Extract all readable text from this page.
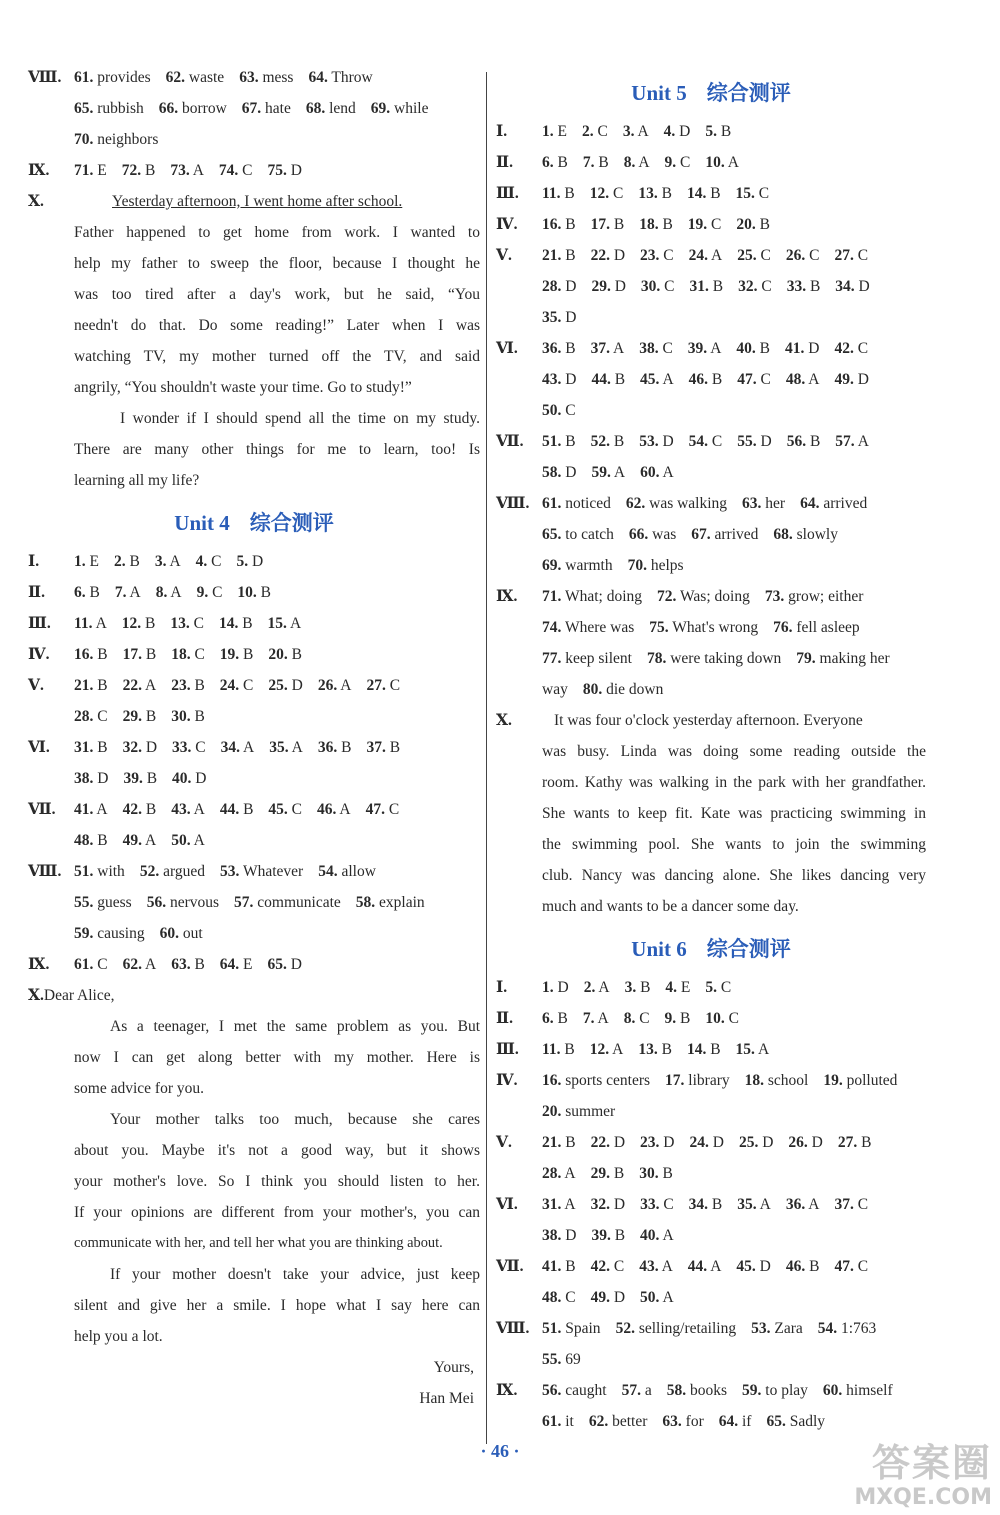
Ⅷ. 61. provides 62. waste 63. mess 64. Throw
65. rubbish 66. borrow 67. hate 68. lend 69. while
70. neighbors
Ⅸ. 71. E 72. B 73. A 74. C 75. D
Ⅹ.	Yesterday afternoon, I went home after school.
Father happened to get home from work. I wanted to
help my father to sweep the floor, because I thought he
was too tired after a day's work, but he said, “You
needn't do that. Do some reading!” Later when I was
watching TV, my mother turned off the TV, and said
angrily, “You shouldn't waste your time. Go to study!”
I wonder if I should spend all the time on my study.
There are many other things for me to learn, too! Is
learning all my life?
Unit 4 综合测评
Ⅰ. 1. E 2. B 3. A 4. C 5. D
Ⅱ. 6. B 7. A 8. A 9. C 10. B
Ⅲ. 11. A 12. B 13. C 14. B 15. A
Ⅳ. 16. B 17. B 18. C 19. B 20. B
Ⅴ. 21. B 22. A 23. B 24. C 25. D 26. A 27. C
28. C 29. B 30. B
Ⅵ. 31. B 32. D 33. C 34. A 35. A 36. B 37. B
38. D 39. B 40. D
Ⅶ. 41. A 42. B 43. A 44. B 45. C 46. A 47. C
48. B 49. A 50. A
Ⅷ. 51. with 52. argued 53. Whatever 54. allow
55. guess 56. nervous 57. communicate 58. explain
59. causing 60. out
Ⅸ. 61. C 62. A 63. B 64. E 65. D
Ⅹ.Dear Alice,
As a teenager, I met the same problem as you. But
now I can get along better with my mother. Here is
some advice for you.
Your mother talks too much, because she cares
about you. Maybe it's not a good way, but it shows
your mother's love. So I think you should listen to her.
If your opinions are different from your mother's, you can
communicate with her, and tell her what you are thinking about.
If your mother doesn't take your advice, just keep
silent and give her a smile. I hope what I say here can
help you a lot.
Yours,
Han Mei
Unit 5 综合测评
Ⅰ. 1. E 2. C 3. A 4. D 5. B
Ⅱ. 6. B 7. B 8. A 9. C 10. A
Ⅲ. 11. B 12. C 13. B 14. B 15. C
Ⅳ. 16. B 17. B 18. B 19. C 20. B
Ⅴ. 21. B 22. D 23. C 24. A 25. C 26. C 27. C
28. D 29. D 30. C 31. B 32. C 33. B 34. D
35. D
Ⅵ. 36. B 37. A 38. C 39. A 40. B 41. D 42. C
43. D 44. B 45. A 46. B 47. C 48. A 49. D
50. C
Ⅶ. 51. B 52. B 53. D 54. C 55. D 56. B 57. A
58. D 59. A 60. A
Ⅷ. 61. noticed 62. was walking 63. her 64. arrived
65. to catch 66. was 67. arrived 68. slowly
69. warmth 70. helps
Ⅸ. 71. What; doing 72. Was; doing 73. grow; either
74. Where was 75. What's wrong 76. fell asleep
77. keep silent 78. were taking down 79. making her
way 80. die down
Ⅹ.	It was four o'clock yesterday afternoon. Everyone
was busy. Linda was doing some reading outside the
room. Kathy was walking in the park with her grandfather.
She wants to keep fit. Kate was practicing swimming in
the swimming pool. She wants to join the swimming
club. Nancy was dancing alone. She likes dancing very
much and wants to be a dancer some day.
Unit 6 综合测评
Ⅰ. 1. D 2. A 3. B 4. E 5. C
Ⅱ. 6. B 7. A 8. C 9. B 10. C
Ⅲ. 11. B 12. A 13. B 14. B 15. A
Ⅳ. 16. sports centers 17. library 18. school 19. polluted
20. summer
Ⅴ. 21. B 22. D 23. D 24. D 25. D 26. D 27. B
28. A 29. B 30. B
Ⅵ. 31. A 32. D 33. C 34. B 35. A 36. A 37. C
38. D 39. B 40. A
Ⅶ. 41. B 42. C 43. A 44. A 45. D 46. B 47. C
48. C 49. D 50. A
Ⅷ. 51. Spain 52. selling/retailing 53. Zara 54. 1:763
55. 69
Ⅸ. 56. caught 57. a 58. books 59. to play 60. himself
61. it 62. better 63. for 64. if 65. Sadly
· 46 ·	答案圈
MXQE.COM
